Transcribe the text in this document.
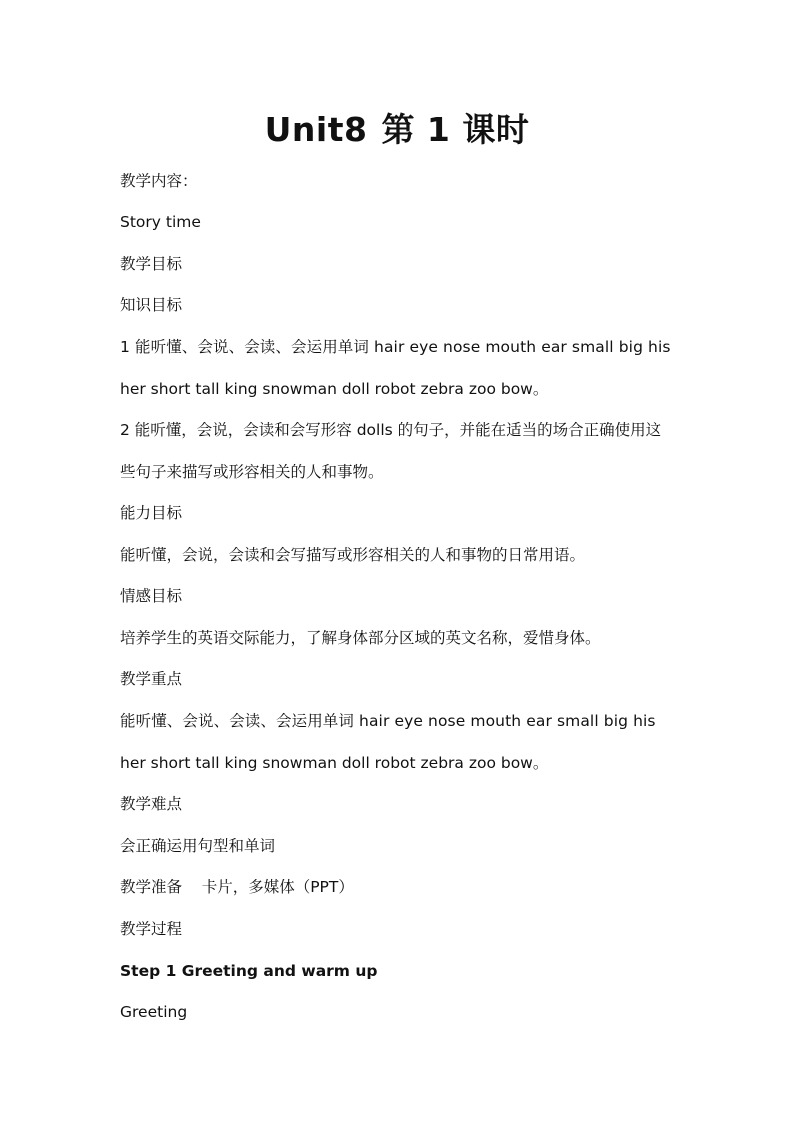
Unit8 第 1 课时
教学内容：
Story time
教学目标
知识目标
1 能听懂、会说、会读、会运用单词 hair eye nose mouth ear small big his
her short tall king snowman doll robot zebra zoo bow。
2 能听懂，会说，会读和会写形容 dolls 的句子，并能在适当的场合正确使用这
些句子来描写或形容相关的人和事物。
能力目标
能听懂，会说，会读和会写描写或形容相关的人和事物的日常用语。
情感目标
培养学生的英语交际能力，了解身体部分区域的英文名称，爱惜身体。
教学重点
能听懂、会说、会读、会运用单词 hair eye nose mouth ear small big his
her short tall king snowman doll robot zebra zoo bow。
教学难点
会正确运用句型和单词
教学准备    卡片，多媒体（PPT）
教学过程
Step 1 Greeting and warm up
Greeting
